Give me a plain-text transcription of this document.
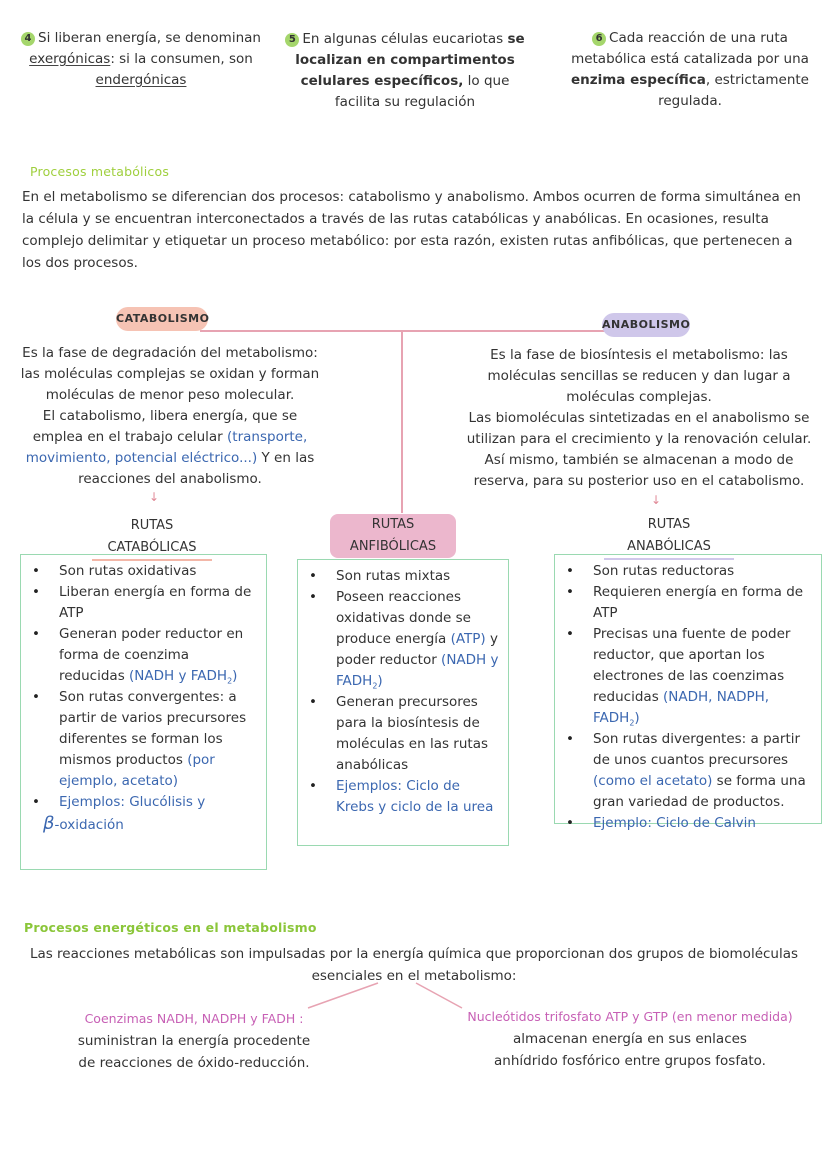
4 Si liberan energía, se denominan
exergónicas: si la consumen, son
endergónicas
5 En algunas células eucariotas se localizan en compartimentos celulares específicos, lo que facilita su regulación
6 Cada reacción de una ruta metabólica está catalizada por una enzima específica, estrictamente regulada.
Procesos metabólicos
En el metabolismo se diferencian dos procesos: catabolismo y anabolismo. Ambos ocurren de forma simultánea en la célula y se encuentran interconectados a través de las rutas catabólicas y anabólicas. En ocasiones, resulta complejo delimitar y etiquetar un proceso metabólico: por esta razón, existen rutas anfibólicas, que pertenecen a los dos procesos.
CATABOLISMO	ANABOLISMO
Es la fase de degradación del metabolismo: las moléculas complejas se oxidan y forman moléculas de menor peso molecular.
El catabolismo, libera energía, que se emplea en el trabajo celular (transporte, movimiento, potencial eléctrico...) Y en las reacciones del anabolismo.
Es la fase de biosíntesis el metabolismo: las moléculas sencillas se reducen y dan lugar a moléculas complejas.
Las biomoléculas sintetizadas en el anabolismo se utilizan para el crecimiento y la renovación celular.
Así mismo, también se almacenan a modo de reserva, para su posterior uso en el catabolismo.
↓	↓
RUTAS CATABÓLICAS
RUTAS ANFIBÓLICAS
RUTAS ANABÓLICAS
• Son rutas oxidativas
• Liberan energía en forma de ATP
• Generan poder reductor en forma de coenzima reducidas (NADH y $FADH_2$)
• Son rutas convergentes: a partir de varios precursores diferentes se forman los mismos productos (por ejemplo, acetato)
• Ejemplos: Glucólisis y
β-oxidación
• Son rutas mixtas
• Poseen reacciones oxidativas donde se produce energía (ATP) y poder reductor (NADH y $FADH_2$)
• Generan precursores para la biosíntesis de moléculas en las rutas anabólicas
• Ejemplos: Ciclo de Krebs y ciclo de la urea
• Son rutas reductoras
• Requieren energía en forma de ATP
• Precisas una fuente de poder reductor, que aportan los electrones de las coenzimas reducidas (NADH, NADPH, $FADH_2$)
• Son rutas divergentes: a partir de unos cuantos precursores (como el acetato) se forma una gran variedad de productos.
• Ejemplo: Ciclo de Calvin
Procesos energéticos en el metabolismo
Las reacciones metabólicas son impulsadas por la energía química que proporcionan dos grupos de biomoléculas esenciales en el metabolismo:
Coenzimas NADH, NADPH y FADH :
suministran la energía procedente de reacciones de óxido-reducción.
Nucleótidos trifosfato ATP y GTP (en menor medida)
almacenan energía en sus enlaces anhídrido fosfórico entre grupos fosfato.
